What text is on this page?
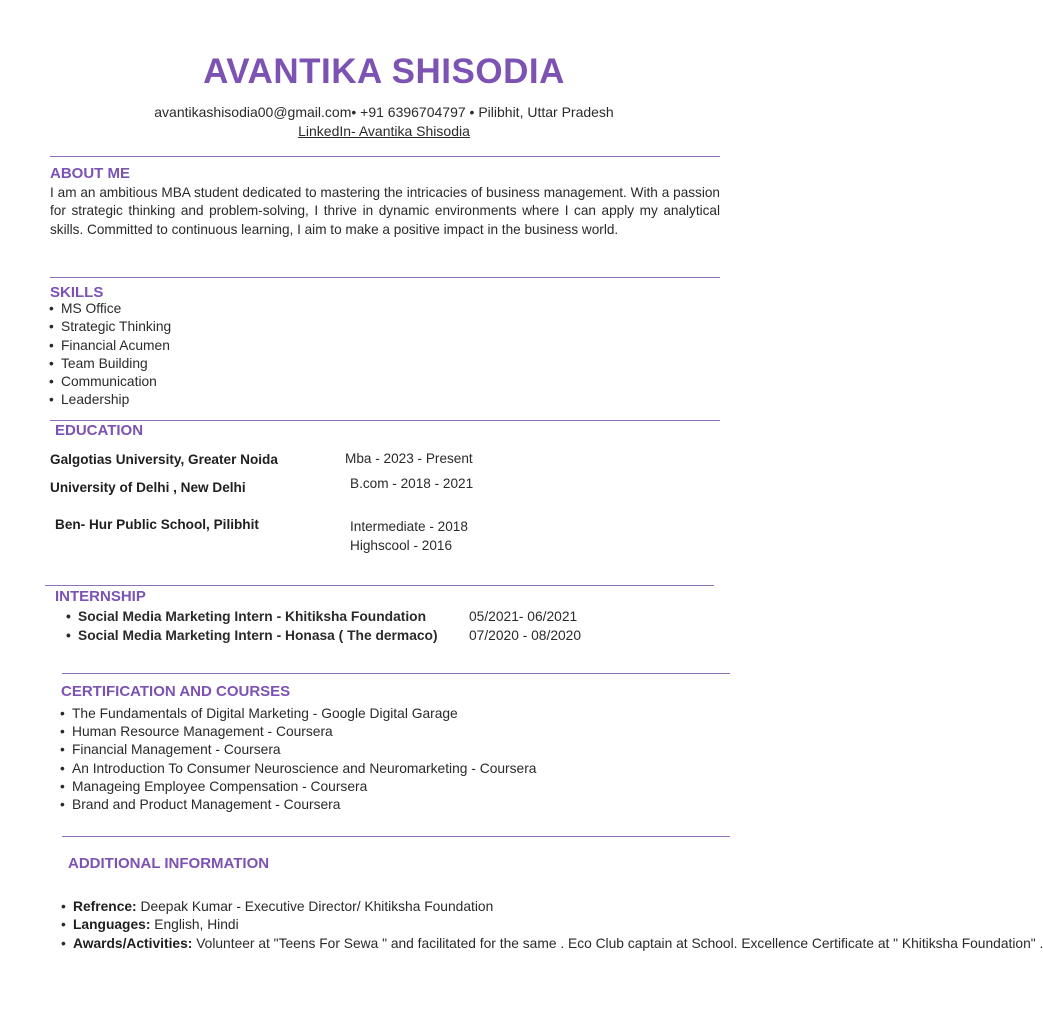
AVANTIKA SHISODIA
avantikashisodia00@gmail.com• +91 6396704797 • Pilibhit, Uttar Pradesh
LinkedIn- Avantika Shisodia
ABOUT ME
I am an ambitious MBA student dedicated to mastering the intricacies of business management. With a passion for strategic thinking and problem-solving, I thrive in dynamic environments where I can apply my analytical skills. Committed to continuous learning, I aim to make a positive impact in the business world.
SKILLS
• MS Office
• Strategic Thinking
• Financial Acumen
• Team Building
• Communication
• Leadership
EDUCATION
Galgotias University, Greater Noida	Mba - 2023 - Present
University of Delhi , New Delhi	B.com - 2018 - 2021
Ben- Hur Public School, Pilibhit	Intermediate - 2018
Highscool - 2016
INTERNSHIP
• Social Media Marketing Intern - Khitiksha Foundation	05/2021- 06/2021
• Social Media Marketing Intern - Honasa ( The dermaco) 07/2020 - 08/2020
CERTIFICATION AND COURSES
• The Fundamentals of Digital Marketing - Google Digital Garage
• Human Resource Management - Coursera
• Financial Management - Coursera
• An Introduction To Consumer Neuroscience and Neuromarketing - Coursera
• Manageing Employee Compensation - Coursera
• Brand and Product Management - Coursera
ADDITIONAL INFORMATION
• Refrence: Deepak Kumar - Executive Director/ Khitiksha Foundation
• Languages: English, Hindi
• Awards/Activities: Volunteer at "Teens For Sewa " and facilitated for the same . Eco Club captain at School. Excellence Certificate at " Khitiksha Foundation" .
